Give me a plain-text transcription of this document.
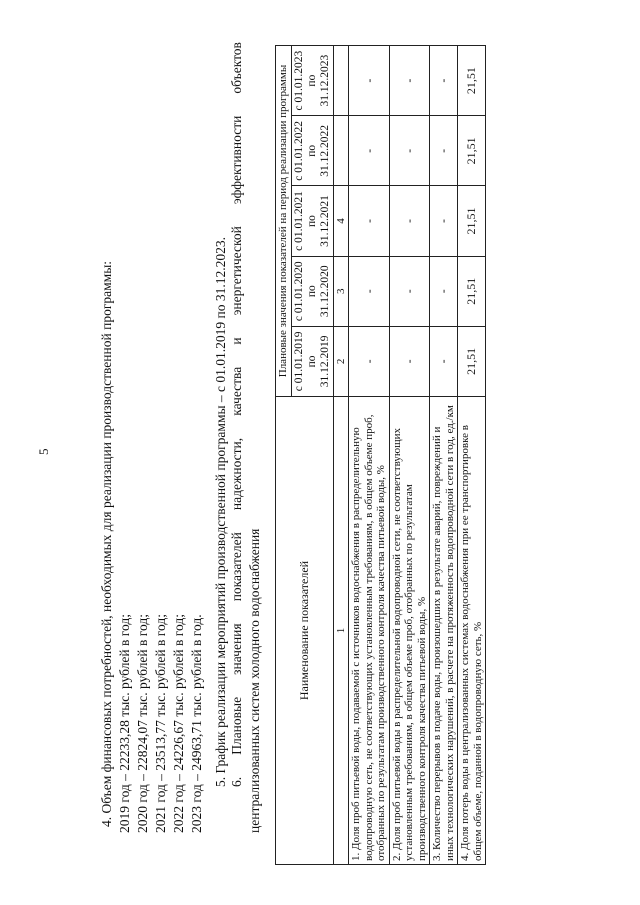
5	4. Объем финансовых потребностей, необходимых для реализации производственной программы: 2019 год – 22233,28 тыс. рублей в год; 2020 год – 22824,07 тыс. рублей в год; 2021 год – 23513,77 тыс. рублей в год; 2022 год – 24226,67 тыс. рублей в год; 2023 год – 24963,71 тыс. рублей в год. 5. График реализации мероприятий производственной программы – с 01.01.2019 по 31.12.2023. 6.
Плановые
значения
показателей
надежности,
качества
и
энергетической
эффективности
объектов
централизованных систем холодного водоснабжения	Наименование показателей	Плановые значения показателей на период реализации программы				
	с 01.01.2019 по 31.12.2019	с 01.01.2020 по 31.12.2020	с 01.01.2021 по 31.12.2021	с 01.01.2022 по 31.12.2022	с 01.01.2023 по 31.12.2023
1	2	3	4		
1. Доля проб питьевой воды, подаваемой с источников водоснабжения в распределительную водопроводную сеть, не соответствующих установленным требованиям, в общем объеме проб, отобранных по результатам производственного контроля качества питьевой воды, %	-	-	-	-	-
2. Доля проб питьевой воды в распределительной водопроводной сети, не соответствующих установленным требованиям, в общем объеме проб, отобранных по результатам производственного контроля качества питьевой воды, %	-	-	-	-	-
3. Количество перерывов в подаче воды, произошедших в результате аварий, повреждений и иных технологических нарушений, в расчете на протяженность водопроводной сети в год, ед./км	-	-	-	-	-
4. Доля потерь воды в централизованных системах водоснабжения при ее транспортировке в общем объеме, поданной в водопроводную сеть, %	21,51	21,51	21,51	21,51	21,51
